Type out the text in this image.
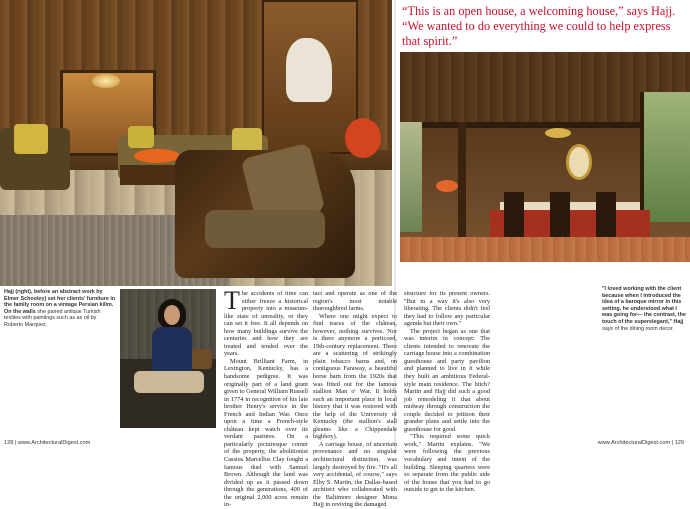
“This is an open house, a welcoming house,” says Hajj. “We wanted to do everything we could to help express that spirit.”
Hajj (right), before an abstract work by Elmer Schooley) set her clients' furniture in the family room on a vintage Persian kilim. On the walls she paired antique Turkish textiles with paintings such as as oil by Roberto Marquez.

The accidents of time can either freeze a historical property into a museum-like state of unreality, or they can set it free. It all depends on how many buildings survive the centuries and how they are treated and tended over the years.

Mount Brilliant Farm, in Lexington, Kentucky, has a handsome pedigree. It was originally part of a land grant given to General William Russell in 1774 in recognition of his late brother Henry's service in the French and Indian War. Once upon a time a French-style château kept watch over its verdant pastures. On a particularly picturesque corner of the property, the abolitionist Cassius Marcellus Clay fought a famous duel with Samuel Brown. Although the land was divided up as it passed down through the generations, 400 of the original 2,000 acres remain in-

tact and operate as one of the region's most notable thoroughbred farms.

Where one might expect to find traces of the château, however, nothing survives. Nor is there anymore a porticoed, 19th-century replacement. There are a scattering of strikingly plain tobacco barns and, on contiguous Faraway, a beautiful horse barn from the 1920s that was fitted out for the famous stallion Man o' War. It holds such an important place in local history that it was restored with the help of the University of Kentucky (the stallion's stall gleams like a Chippendale highboy).

A carriage house, of uncertain provenance and no singular architectural distinction, was largely destroyed by fire. "It's all very accidental, of course," says Elby S. Martin, the Dallas-based architect who collaborated with the Baltimore designer Mona Hajj in reviving the damaged

structure for its present owners. "But in a way it's also very liberating. The clients didn't feel they had to follow any particular agenda but their own."

The project began as one that was interim in concept: The clients intended to renovate the carriage house into a combination guesthouse and party pavilion and planned to live in it while they built an ambitious Federal-style main residence. The hitch? Martin and Hajj did such a good job remodeling it that about midway through construction the couple decided to jettison their grander plans and settle into the guesthouse for good.

"This required some quick work," Martin explains. "We were following the previous vocabulary and intent of the building. Sleeping quarters were so separate from the public side of the house that you had to go outside to get to the kitchen.

"I loved working with the client because when I introduced the idea of a baroque mirror in this setting, he understood what I was going for— the contrast, the touch of the superelegant," Hajj says of the dining room decor.
128 | www.ArchitecturalDigest.com	www.ArchitecturalDigest.com | 129
